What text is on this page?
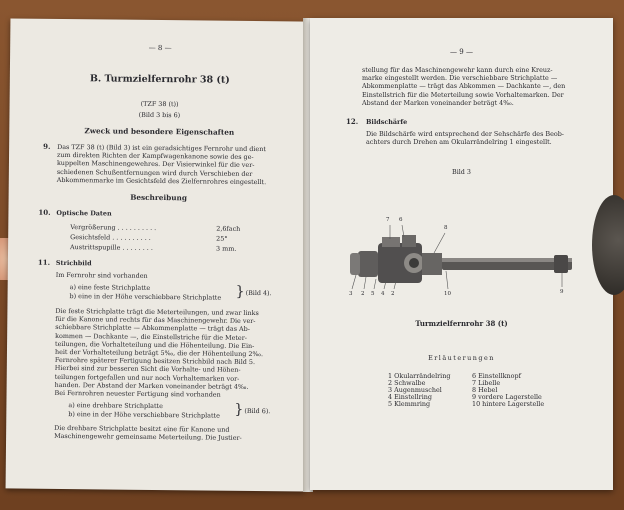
— 8 —
B. Turmzielfernrohr 38 (t)
(TZF 38 (t))
(Bild 3 bis 6)
Zweck und besondere Eigenschaften
9. Das TZF 38 (t) (Bild 3) ist ein geradsichtiges Fernrohr und dient
zum direkten Richten der Kampfwagenkanone sowie des ge-
kuppelten Maschinengewehres. Der Visierwinkel für die ver-
schiedenen Schußentfernungen wird durch Verschieben der
Abkommenmarke im Gesichtsfeld des Zielfernrohres eingestellt.
Beschreibung
10. Optische Daten
Vergrößerung . . . . . . . . . .	2,6fach
Gesichtsfeld . . . . . . . . . .	25°
Austrittspupille . . . . . . . .	3 mm.
11. Strichbild
Im Fernrohr sind vorhanden
a) eine feste Strichplatte
b) eine in der Höhe verschiebbare Strichplatte } (Bild 4).
Die feste Strichplatte trägt die Meterteilungen, und zwar links
für die Kanone und rechts für das Maschinengewehr. Die ver-
schiebbare Strichplatte — Abkommenplatte — trägt das Ab-
kommen — Dachkante —, die Einstellstriche für die Meter-
teilungen, die Vorhalteteilung und die Höhenteilung. Die Ein-
heit der Vorhalteteilung beträgt 5‰, die der Höhenteilung 2‰.
Fernrohre späterer Fertigung besitzen Strichbild nach Bild 5.
Hierbei sind zur besseren Sicht die Vorhalte- und Höhen-
teilungen fortgefallen und nur noch Vorhaltemarken vor-
handen. Der Abstand der Marken voneinander beträgt 4‰.
Bei Fernrohren neuester Fertigung sind vorhanden
a) eine drehbare Strichplatte
b) eine in der Höhe verschiebbare Strichplatte } (Bild 6).
Die drehbare Strichplatte besitzt eine für Kanone und
Maschinengewehr gemeinsame Meterteilung. Die Justier-
— 9 —
stellung für das Maschinengewehr kann durch eine Kreuz-
marke eingestellt werden. Die verschiebbare Strichplatte —
Abkommenplatte — trägt das Abkommen — Dachkante —, den
Einstellstrich für die Meterteilung sowie Vorhaltemarken. Der
Abstand der Marken voneinander beträgt 4‰.
12. Bildschärfe
Die Bildschärfe wird entsprechend der Sehschärfe des Beob-
achters durch Drehen am Okularrändelring 1 eingestellt.
Bild 3
7 6
8
3 2 5 4 2	10	9
Turmzielfernrohr 38 (t)
Erläuterungen
1 Okularrändelring
2 Schwalbe
3 Augenmuschel
4 Einstellring
5 Klemmring
6 Einstellknopf
7 Libelle
8 Hebel
9 vordere Lagerstelle
10 hintere Lagerstelle
